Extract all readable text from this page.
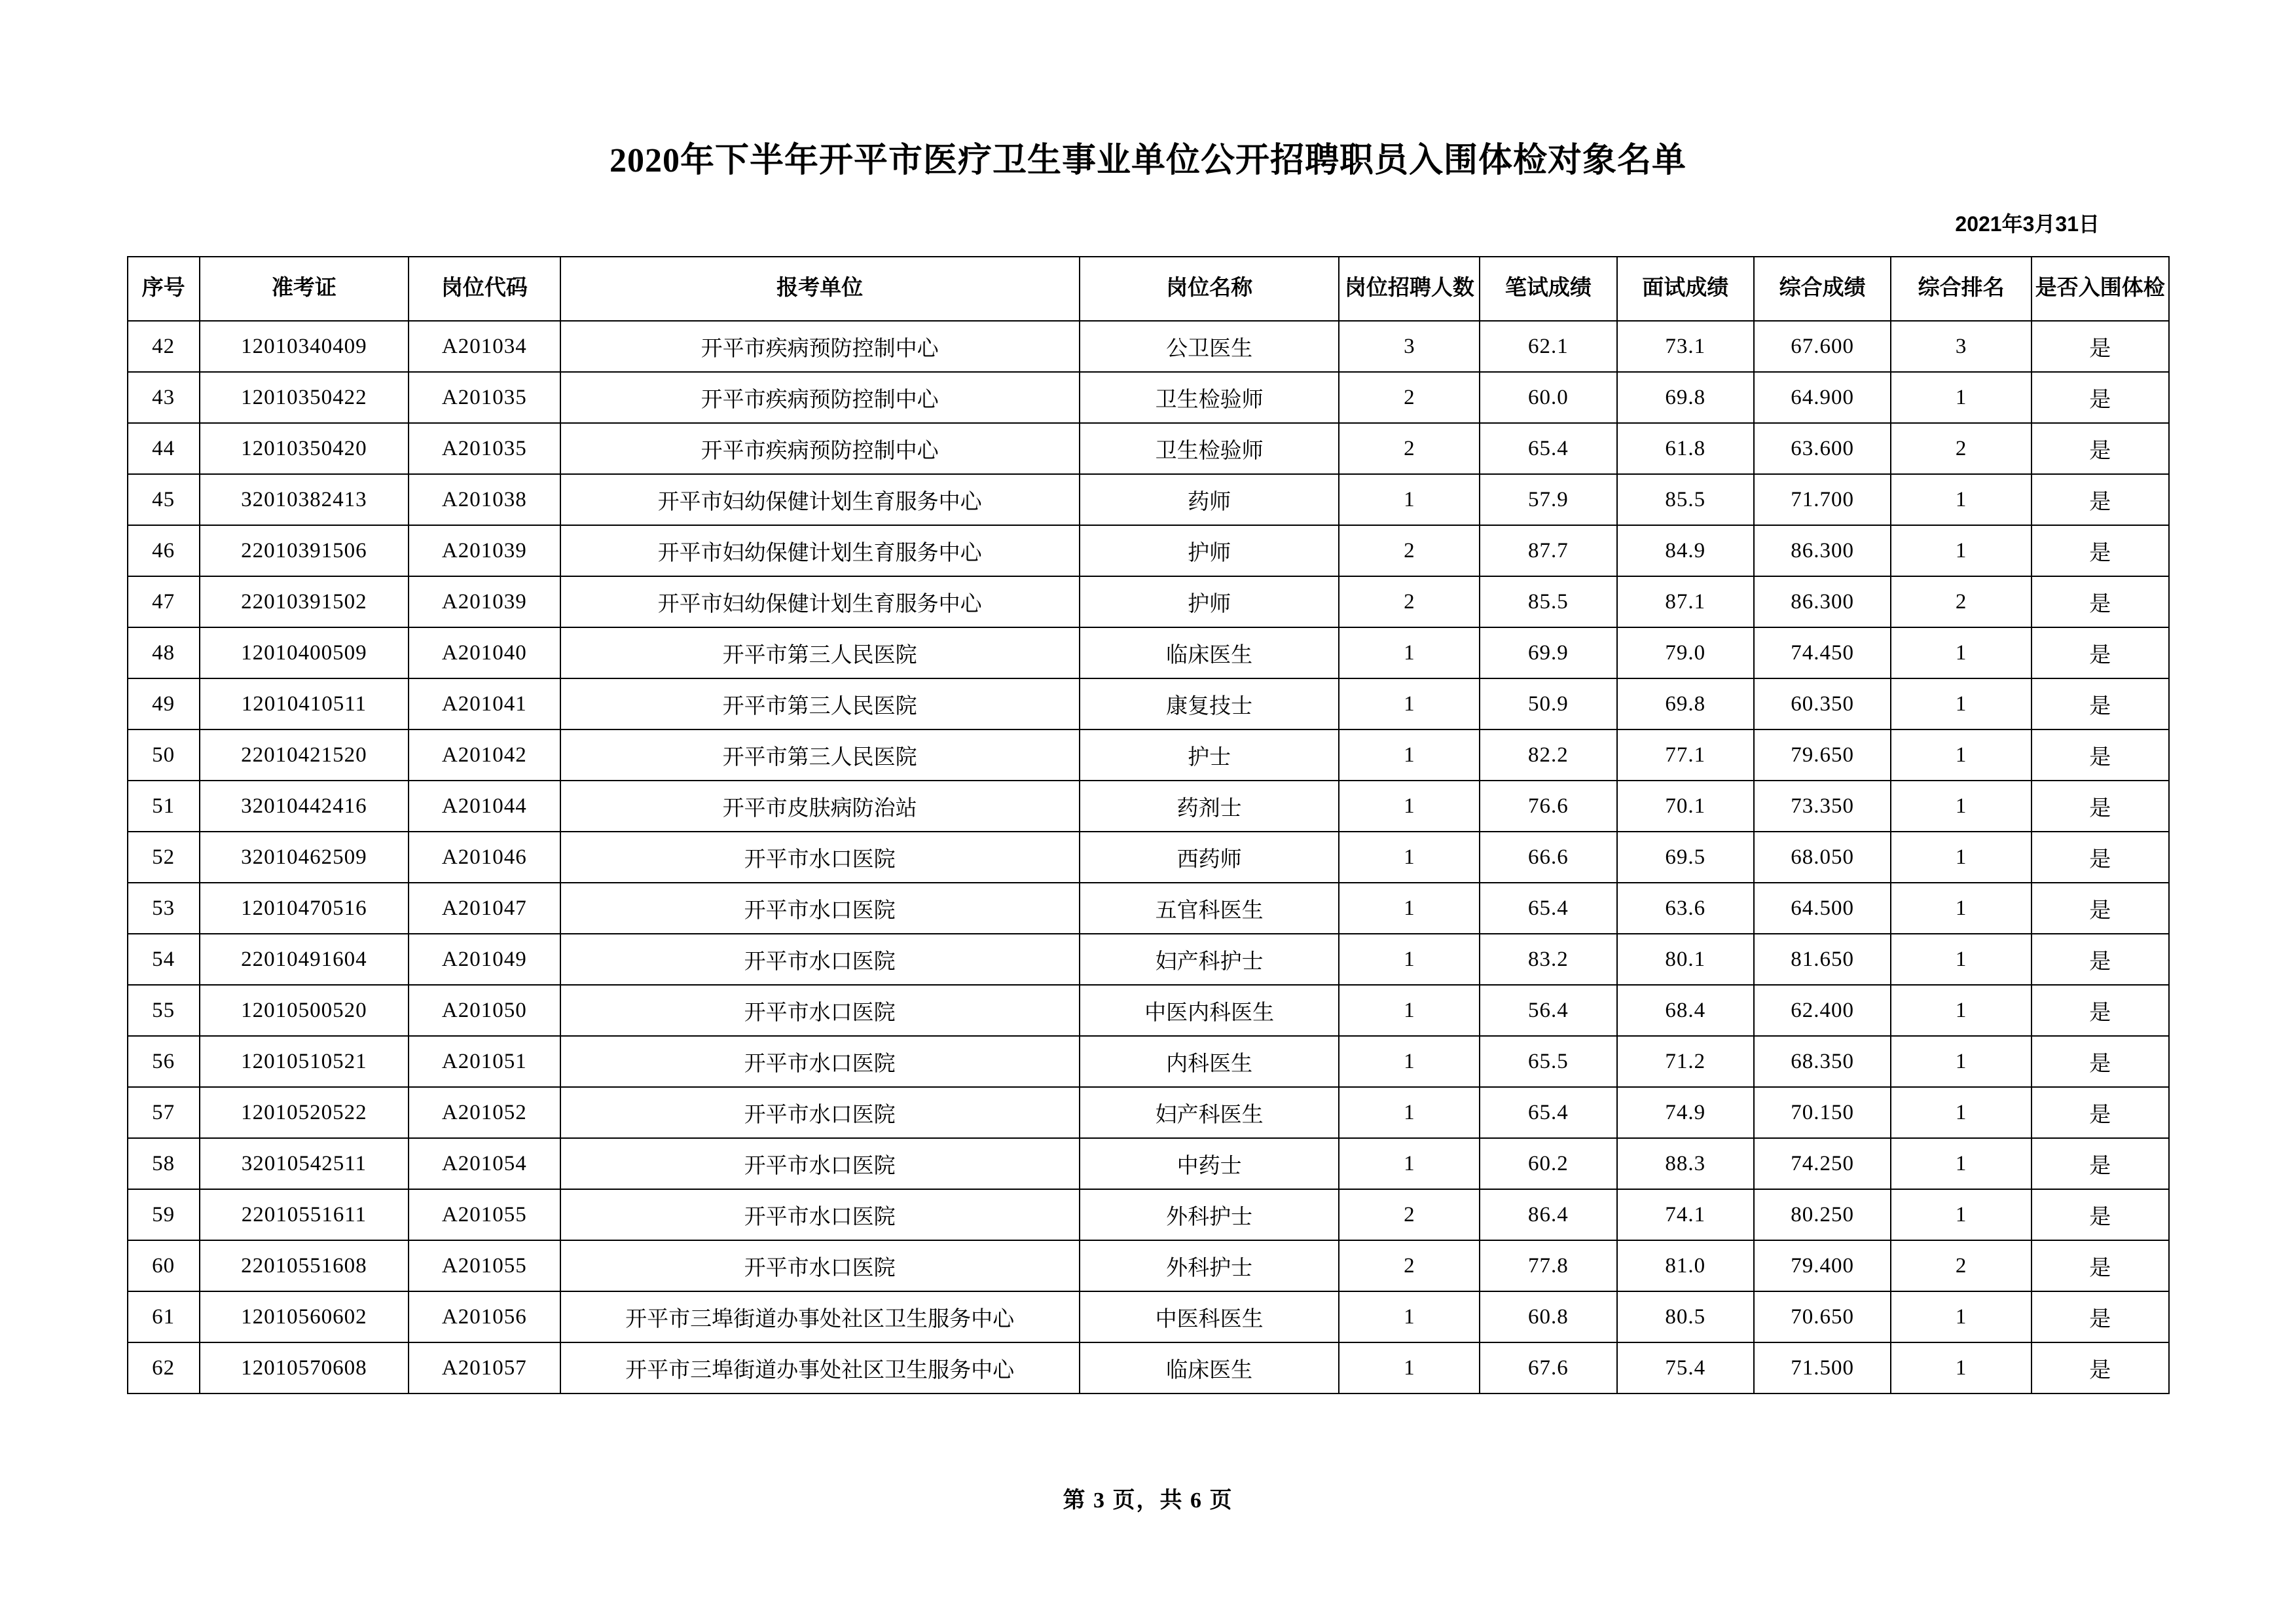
2020年下半年开平市医疗卫生事业单位公开招聘职员入围体检对象名单
2021年3月31日
序号	准考证	岗位代码	报考单位	岗位名称	岗位招聘人数	笔试成绩	面试成绩	综合成绩	综合排名	是否入围体检
42	12010340409	A201034	开平市疾病预防控制中心	公卫医生	3	62.1	73.1	67.600	3	是
43	12010350422	A201035	开平市疾病预防控制中心	卫生检验师	2	60.0	69.8	64.900	1	是
44	12010350420	A201035	开平市疾病预防控制中心	卫生检验师	2	65.4	61.8	63.600	2	是
45	32010382413	A201038	开平市妇幼保健计划生育服务中心	药师	1	57.9	85.5	71.700	1	是
46	22010391506	A201039	开平市妇幼保健计划生育服务中心	护师	2	87.7	84.9	86.300	1	是
47	22010391502	A201039	开平市妇幼保健计划生育服务中心	护师	2	85.5	87.1	86.300	2	是
48	12010400509	A201040	开平市第三人民医院	临床医生	1	69.9	79.0	74.450	1	是
49	12010410511	A201041	开平市第三人民医院	康复技士	1	50.9	69.8	60.350	1	是
50	22010421520	A201042	开平市第三人民医院	护士	1	82.2	77.1	79.650	1	是
51	32010442416	A201044	开平市皮肤病防治站	药剂士	1	76.6	70.1	73.350	1	是
52	32010462509	A201046	开平市水口医院	西药师	1	66.6	69.5	68.050	1	是
53	12010470516	A201047	开平市水口医院	五官科医生	1	65.4	63.6	64.500	1	是
54	22010491604	A201049	开平市水口医院	妇产科护士	1	83.2	80.1	81.650	1	是
55	12010500520	A201050	开平市水口医院	中医内科医生	1	56.4	68.4	62.400	1	是
56	12010510521	A201051	开平市水口医院	内科医生	1	65.5	71.2	68.350	1	是
57	12010520522	A201052	开平市水口医院	妇产科医生	1	65.4	74.9	70.150	1	是
58	32010542511	A201054	开平市水口医院	中药士	1	60.2	88.3	74.250	1	是
59	22010551611	A201055	开平市水口医院	外科护士	2	86.4	74.1	80.250	1	是
60	22010551608	A201055	开平市水口医院	外科护士	2	77.8	81.0	79.400	2	是
61	12010560602	A201056	开平市三埠街道办事处社区卫生服务中心	中医科医生	1	60.8	80.5	70.650	1	是
62	12010570608	A201057	开平市三埠街道办事处社区卫生服务中心	临床医生	1	67.6	75.4	71.500	1	是
第 3 页，共 6 页
